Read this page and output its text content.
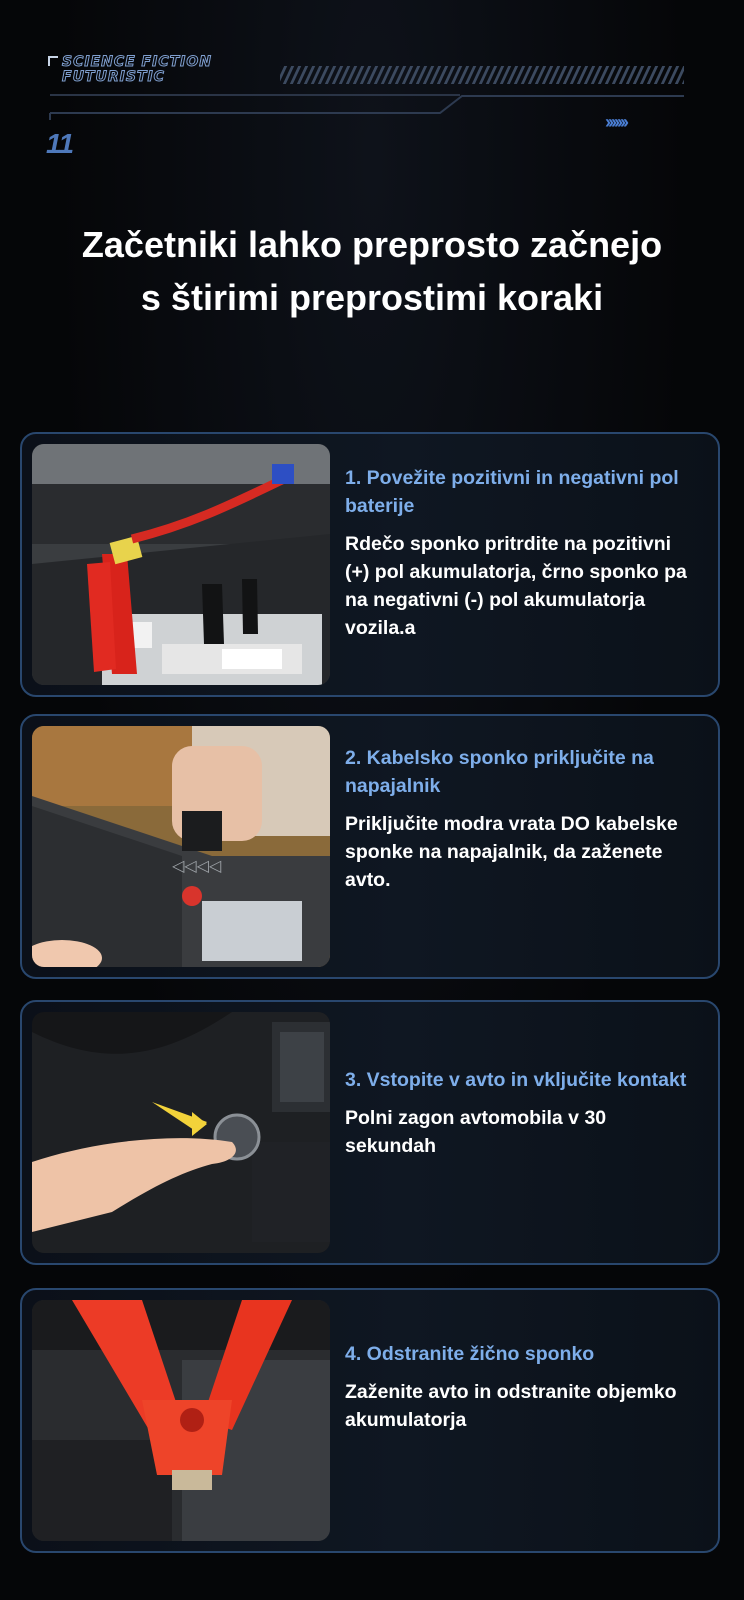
SCIENCE FICTION
FUTURISTIC
11
›››››››
Začetniki lahko preprosto začnejo
s štirimi preprostimi koraki

1. Povežite pozitivni in negativni pol baterije

Rdečo sponko pritrdite na pozitivni (+) pol akumulatorja, črno sponko pa na negativni (-) pol akumulatorja vozila.a

◁◁◁◁

2. Kabelsko sponko priključite na napajalnik

Priključite modra vrata DO kabelske sponke na napajalnik, da zaženete avto.

3. Vstopite v avto in vključite kontakt

Polni zagon avtomobila v 30 sekundah

4. Odstranite žično sponko

Zaženite avto in odstranite objemko akumulatorja
